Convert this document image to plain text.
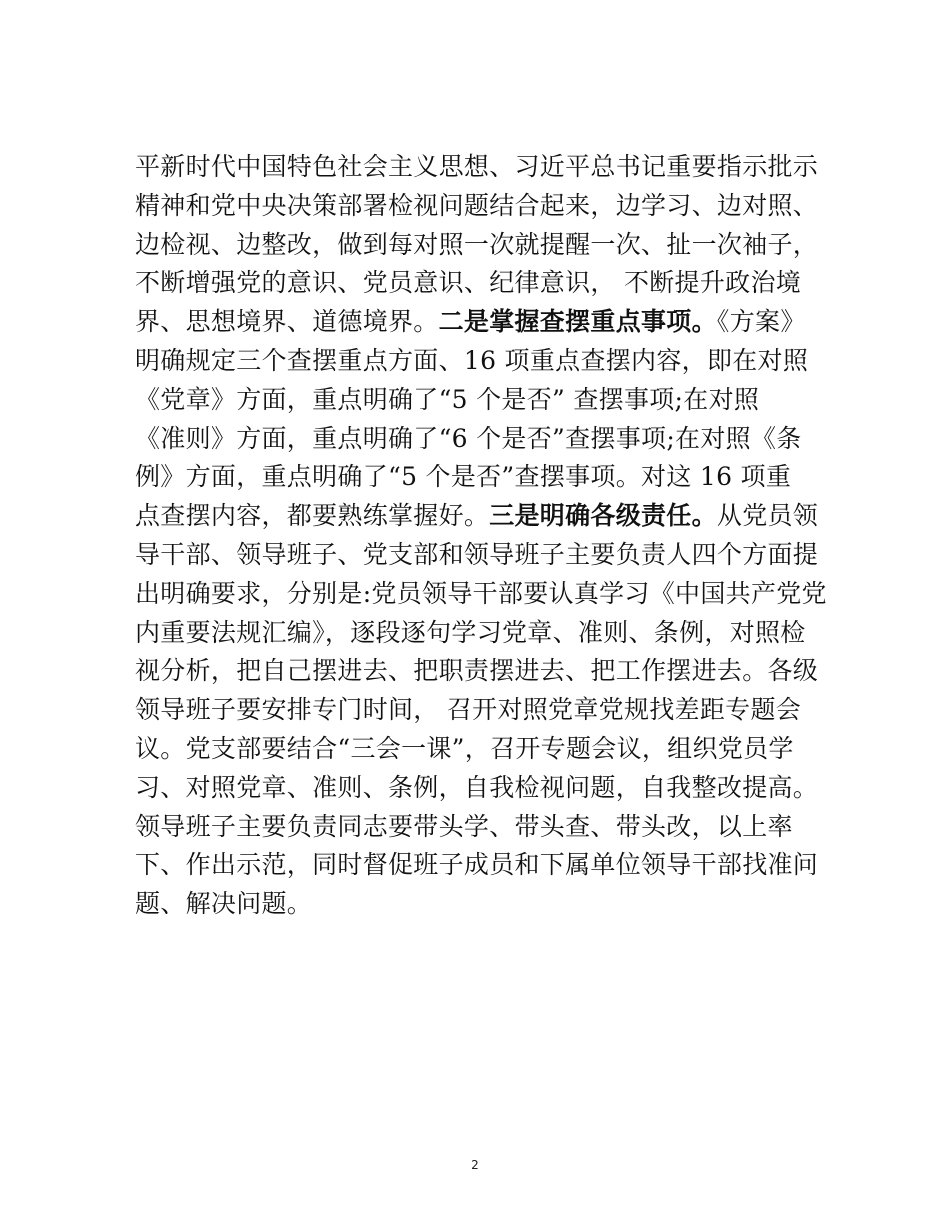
平新时代中国特色社会主义思想、习近平总书记重要指示批示
精神和党中央决策部署检视问题结合起来，边学习、边对照、
边检视、边整改，做到每对照一次就提醒一次、扯一次袖子，
不断增强党的意识、党员意识、纪律意识， 不断提升政治境
界、思想境界、道德境界。二是掌握查摆重点事项。《方案》
明确规定三个查摆重点方面、16 项重点查摆内容，即在对照
《党章》方面，重点明确了“5 个是否” 查摆事项;在对照
《准则》方面，重点明确了“6 个是否”查摆事项;在对照《条
例》方面，重点明确了“5 个是否”查摆事项。对这 16 项重
点查摆内容，都要熟练掌握好。三是明确各级责任。从党员领
导干部、领导班子、党支部和领导班子主要负责人四个方面提
出明确要求，分别是:党员领导干部要认真学习《中国共产党党
内重要法规汇编》，逐段逐句学习党章、准则、条例，对照检
视分析，把自己摆进去、把职责摆进去、把工作摆进去。各级
领导班子要安排专门时间， 召开对照党章党规找差距专题会
议。党支部要结合“三会一课”，召开专题会议，组织党员学
习、对照党章、准则、条例，自我检视问题，自我整改提高。
领导班子主要负责同志要带头学、带头查、带头改，以上率
下、作出示范，同时督促班子成员和下属单位领导干部找准问
题、解决问题。
2
